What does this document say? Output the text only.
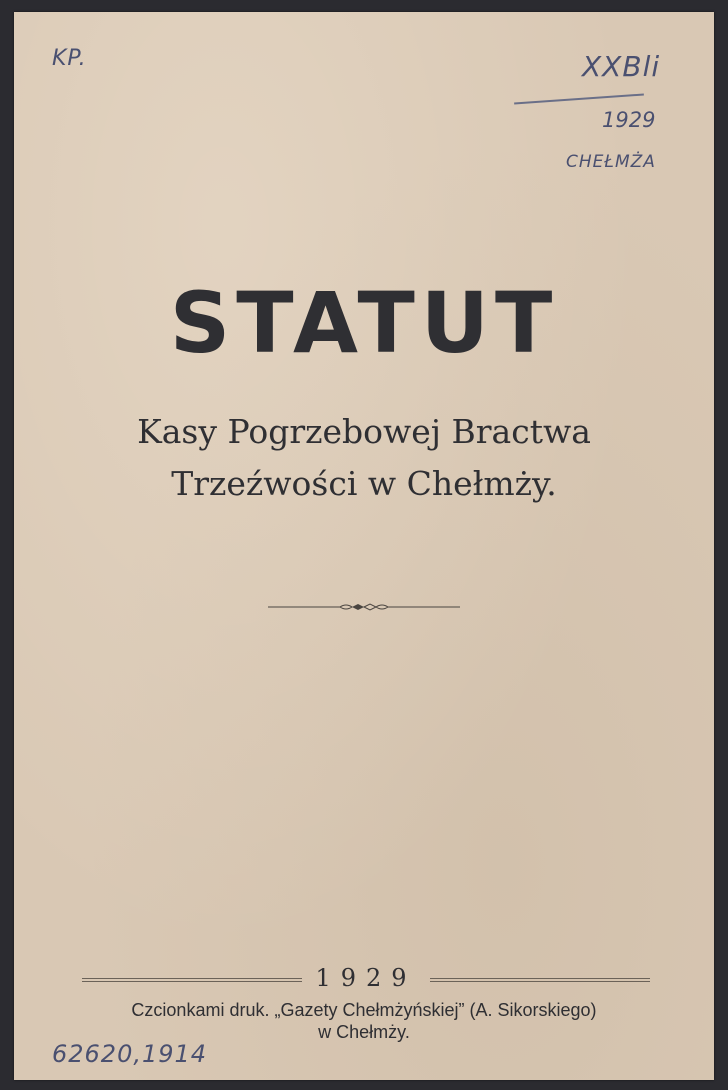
KP.	XXBli
1929
CHEŁMŻA
STATUT
Kasy Pogrzebowej Bractwa
Trzeźwości w Chełmży.
1929
Czcionkami druk. „Gazety Chełmżyńskiej” (A. Sikorskiego)
w Chełmży.
62620,1914
